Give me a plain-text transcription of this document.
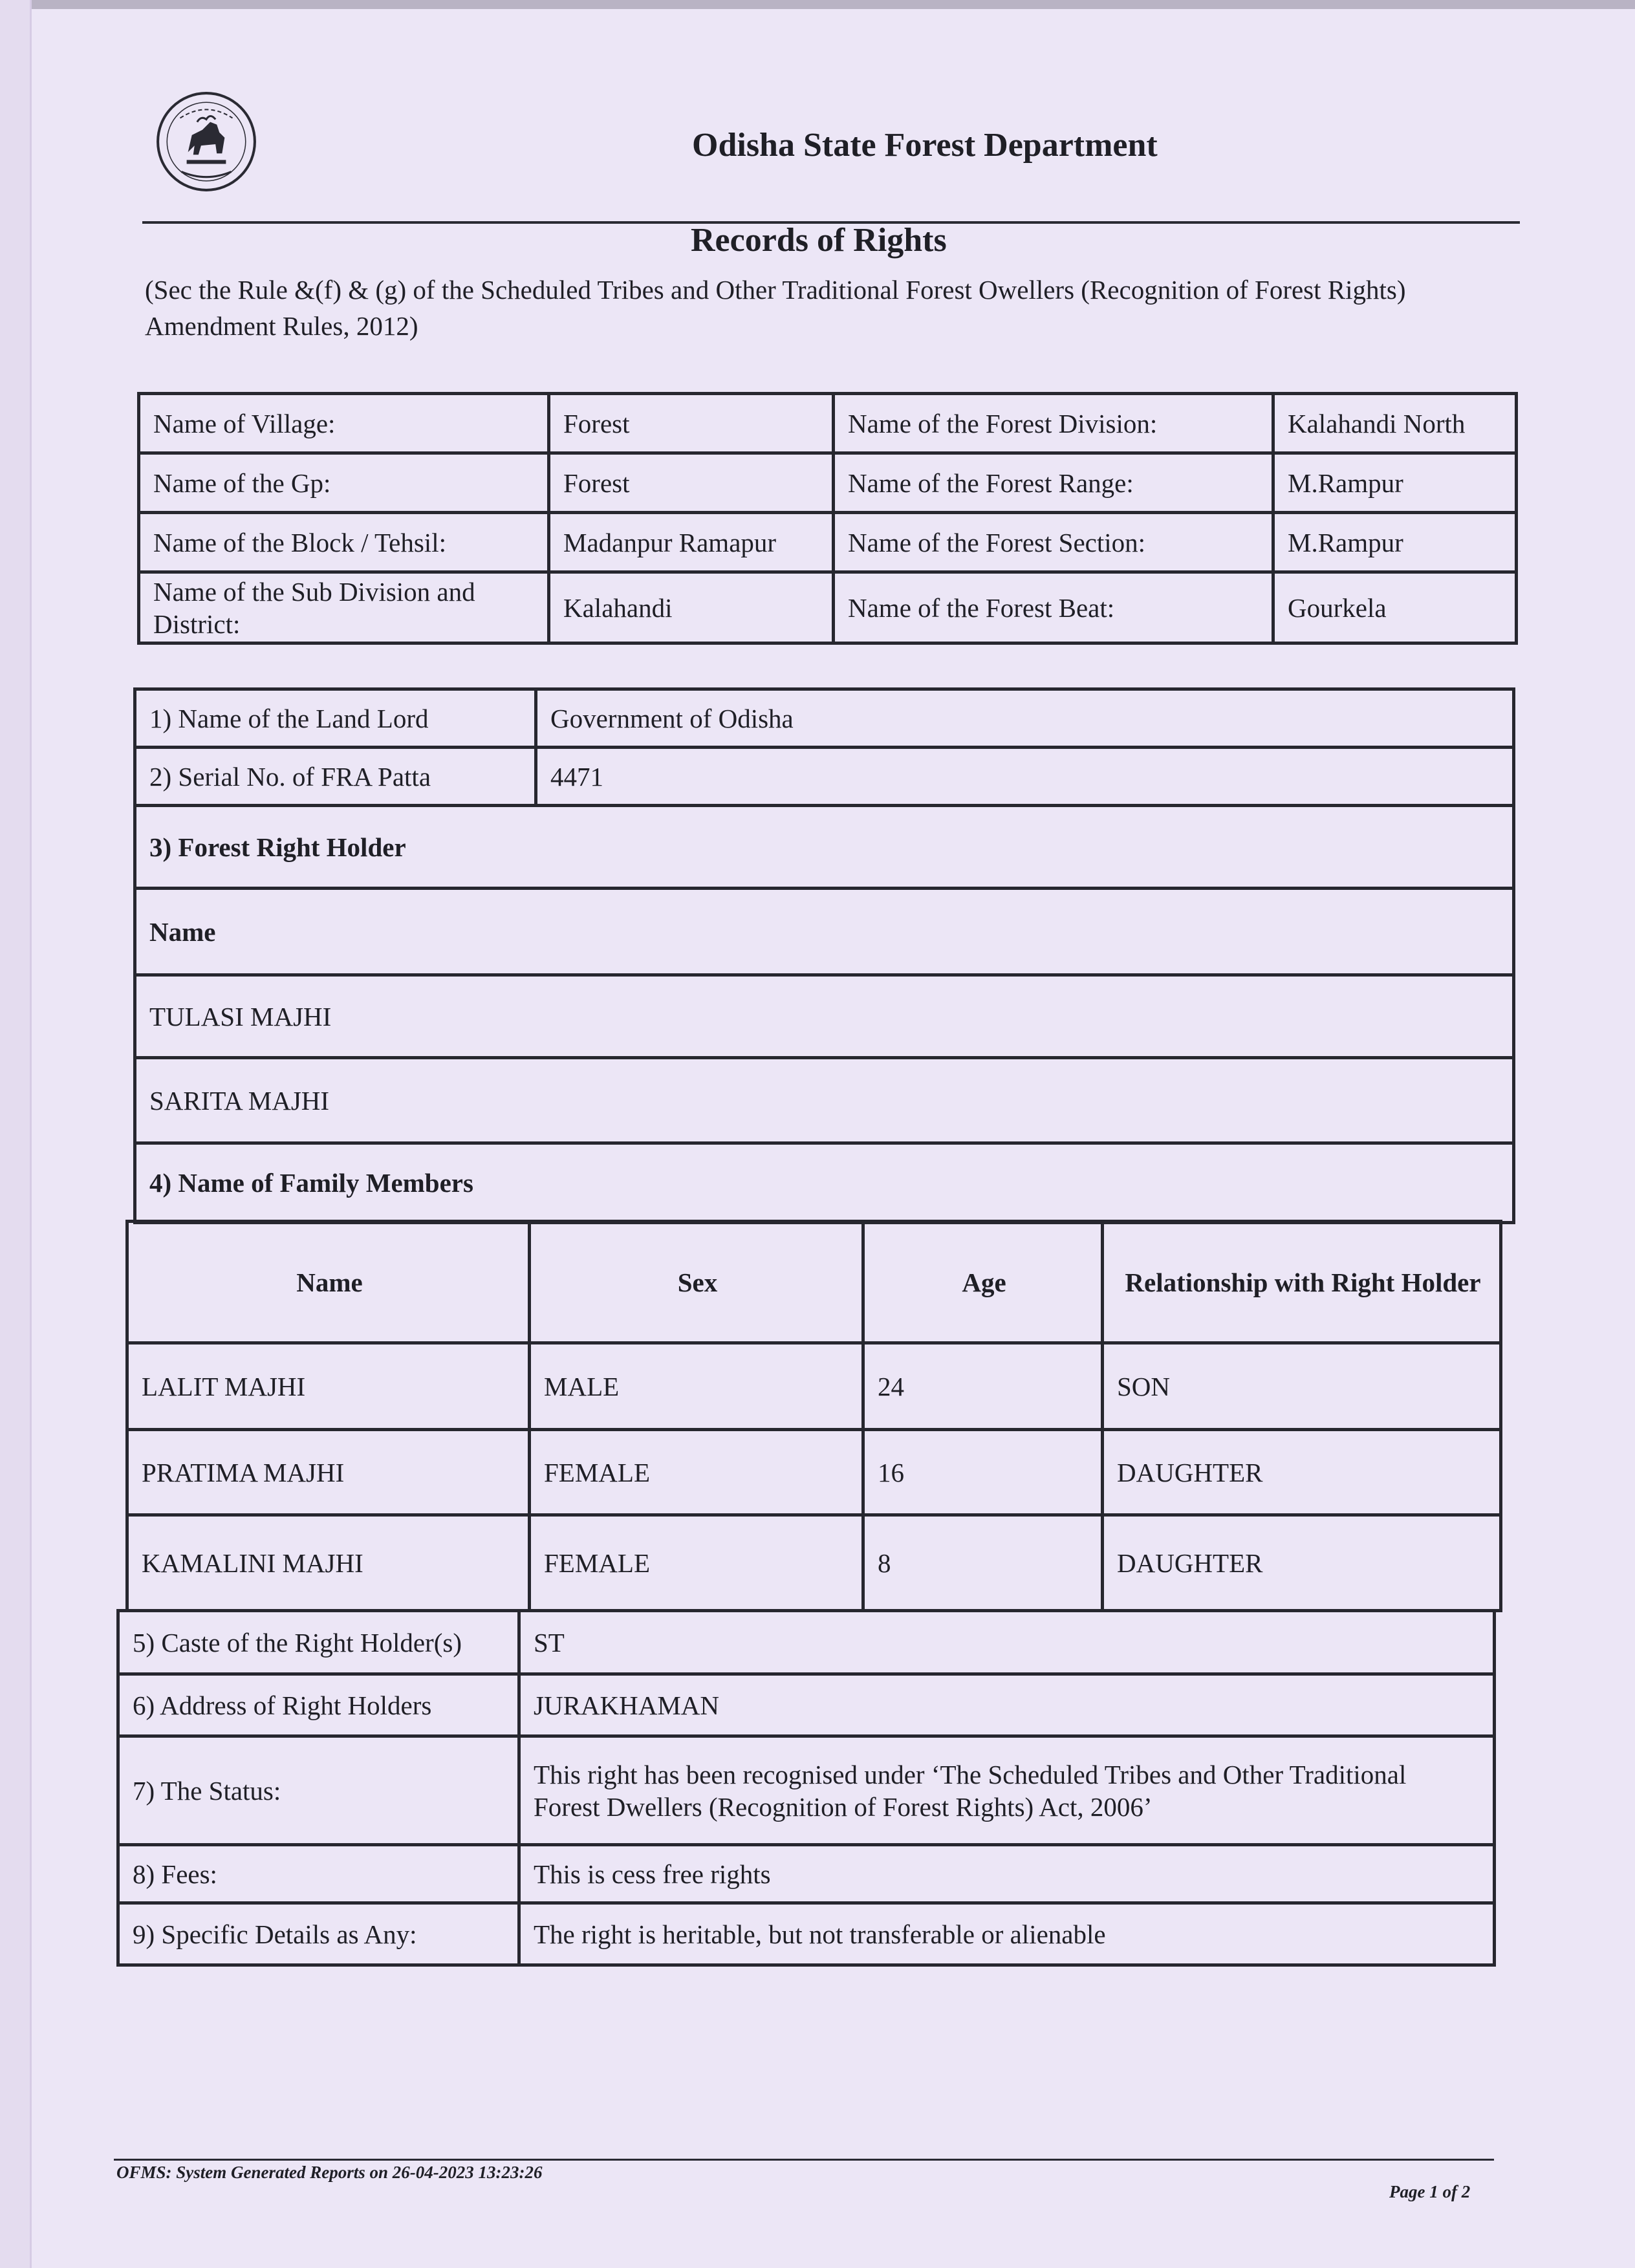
Odisha State Forest Department
Records of Rights
(Sec the Rule &(f) & (g) of the Scheduled Tribes and Other Traditional Forest Owellers (Recognition of Forest Rights) Amendment Rules, 2012)
Name of Village:	Forest	Name of the Forest Division:	Kalahandi North
Name of the Gp:	Forest	Name of the Forest Range:	M.Rampur
Name of the Block / Tehsil:	Madanpur Ramapur	Name of the Forest Section:	M.Rampur
Name of the Sub Division and District:	Kalahandi	Name of the Forest Beat:	Gourkela
1) Name of the Land Lord	Government of Odisha
2) Serial No. of FRA Patta	4471
3) Forest Right Holder	
Name	
TULASI MAJHI	
SARITA MAJHI	
4) Name of Family Members	
Name	Sex	Age	Relationship with Right Holder
LALIT MAJHI	MALE	24	SON
PRATIMA MAJHI	FEMALE	16	DAUGHTER
KAMALINI MAJHI	FEMALE	8	DAUGHTER
5) Caste of the Right Holder(s)	ST
6) Address of Right Holders	JURAKHAMAN
7) The Status:	This right has been recognised under ‘The Scheduled Tribes and Other Traditional
Forest Dwellers (Recognition of Forest Rights) Act, 2006’
8) Fees:	This is cess free rights
9) Specific Details as Any:	The right is heritable, but not transferable or alienable
OFMS: System Generated Reports on 26-04-2023 13:23:26
Page 1 of 2
